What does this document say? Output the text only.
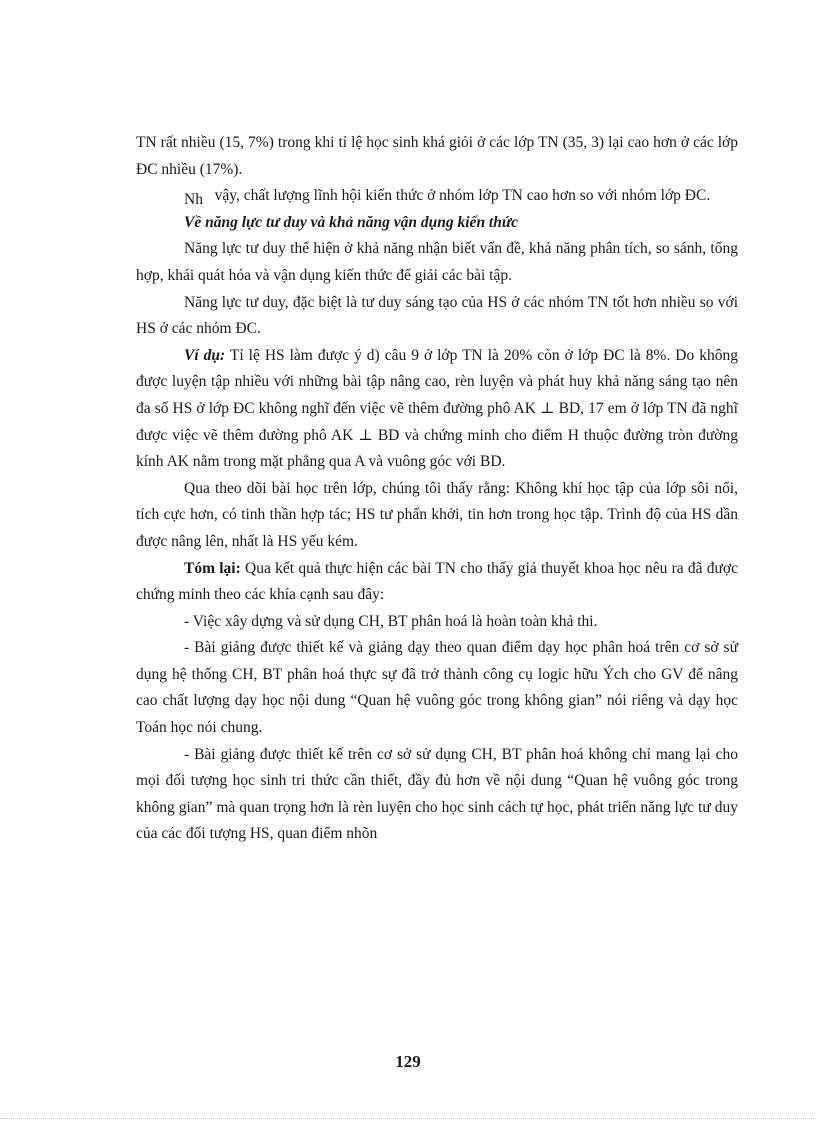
TN rất nhiều (15, 7%) trong khi tỉ lệ học sinh khá giỏi ở các lớp TN (35, 3) lại cao hơn ở các lớp ĐC nhiều (17%).

Nh vậy, chất lượng lĩnh hội kiến thức ở nhóm lớp TN cao hơn so với nhóm lớp ĐC.

Về năng lực tư duy và khả năng vận dụng kiến thức

Năng lực tư duy thể hiện ở khả năng nhận biết vấn đề, khả năng phân tích, so sánh, tổng hợp, khái quát hóa và vận dụng kiến thức để giải các bài tập.

Năng lực tư duy, đặc biệt là tư duy sáng tạo của HS ở các nhóm TN tốt hơn nhiều so với HS ở các nhóm ĐC.

Ví dụ: Tỉ lệ HS làm được ý d) câu 9 ở lớp TN là 20% còn ở lớp ĐC là 8%. Do không được luyện tập nhiều với những bài tập nâng cao, rèn luyện và phát huy khả năng sáng tạo nên đa số HS ở lớp ĐC không nghĩ đến việc vẽ thêm đường phô AK ⊥ BD, 17 em ở lớp TN đã nghĩ được việc vẽ thêm đường phô AK ⊥ BD và chứng minh cho điểm H thuộc đường tròn đường kính AK nằm trong mặt phẳng qua A và vuông góc với BD.

Qua theo dõi bài học trên lớp, chúng tôi thấy rằng: Không khí học tập của lớp sôi nổi, tích cực hơn, có tinh thần hợp tác; HS tư phấn khởi, tin hơn trong học tập. Trình độ của HS dần được nâng lên, nhất là HS yếu kém.

Tóm lại: Qua kết quả thực hiện các bài TN cho thấy giả thuyết khoa học nêu ra đã được chứng minh theo các khía cạnh sau đây:

- Việc xây dựng và sử dụng CH, BT phân hoá là hoàn toàn khả thi.

- Bài giảng được thiết kế và giảng dạy theo quan điểm dạy học phân hoá trên cơ sở sử dụng hệ thống CH, BT phân hoá thực sự đã trở thành công cụ logic hữu Ých cho GV để nâng cao chất lượng dạy học nội dung “Quan hệ vuông góc trong không gian” nói riêng và dạy học Toán học nói chung.

- Bài giảng được thiết kế trên cơ sở sử dụng CH, BT phân hoá không chỉ mang lại cho mọi đối tượng học sinh tri thức cần thiết, đầy đủ hơn về nội dung “Quan hệ vuông góc trong không gian” mà quan trọng hơn là rèn luyện cho học sinh cách tự học, phát triển năng lực tư duy của các đối tượng HS, quan điểm nhõn

129
